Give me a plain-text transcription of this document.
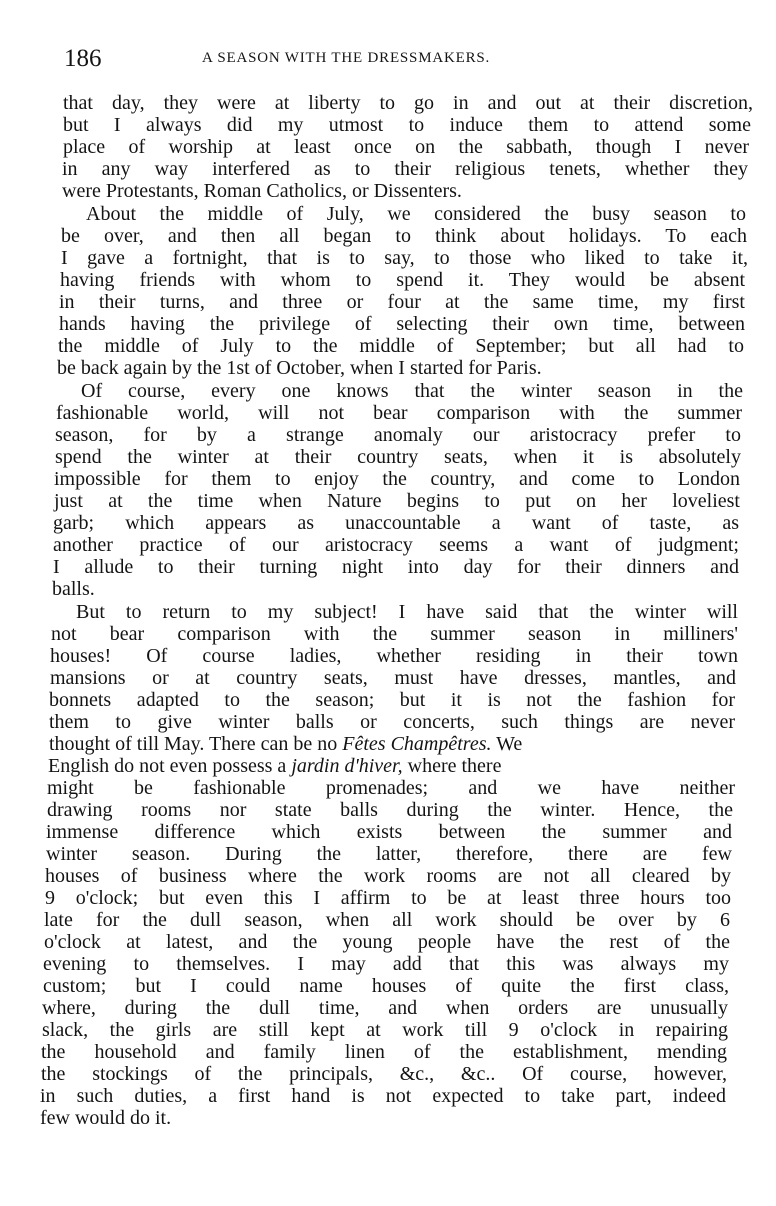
186	A SEASON WITH THE DRESSMAKERS.
that day, they were at liberty to go in and out at their discretion,
but I always did my utmost to induce them to attend some
place of worship at least once on the sabbath, though I never
in any way interfered as to their religious tenets, whether they
were Protestants, Roman Catholics, or Dissenters.
About the middle of July, we considered the busy season to
be over, and then all began to think about holidays. To each
I gave a fortnight, that is to say, to those who liked to take it,
having friends with whom to spend it. They would be absent
in their turns, and three or four at the same time, my first
hands having the privilege of selecting their own time, between
the middle of July to the middle of September; but all had to
be back again by the 1st of October, when I started for Paris.
Of course, every one knows that the winter season in the
fashionable world, will not bear comparison with the summer
season, for by a strange anomaly our aristocracy prefer to
spend the winter at their country seats, when it is absolutely
impossible for them to enjoy the country, and come to London
just at the time when Nature begins to put on her loveliest
garb; which appears as unaccountable a want of taste, as
another practice of our aristocracy seems a want of judgment;
I allude to their turning night into day for their dinners and
balls.
But to return to my subject! I have said that the winter will
not bear comparison with the summer season in milliners'
houses! Of course ladies, whether residing in their town
mansions or at country seats, must have dresses, mantles, and
bonnets adapted to the season; but it is not the fashion for
them to give winter balls or concerts, such things are never
thought of till May. There can be no Fêtes Champêtres. We
English do not even possess a jardin d'hiver, where there
might be fashionable promenades; and we have neither
drawing rooms nor state balls during the winter. Hence, the
immense difference which exists between the summer and
winter season. During the latter, therefore, there are few
houses of business where the work rooms are not all cleared by
9 o'clock; but even this I affirm to be at least three hours too
late for the dull season, when all work should be over by 6
o'clock at latest, and the young people have the rest of the
evening to themselves. I may add that this was always my
custom; but I could name houses of quite the first class,
where, during the dull time, and when orders are unusually
slack, the girls are still kept at work till 9 o'clock in repairing
the household and family linen of the establishment, mending
the stockings of the principals, &c., &c.. Of course, however,
in such duties, a first hand is not expected to take part, indeed
few would do it.
